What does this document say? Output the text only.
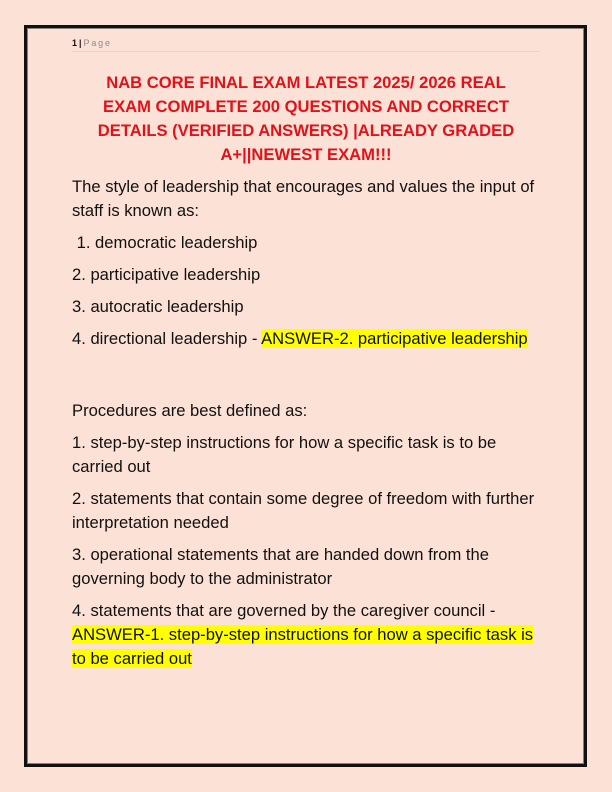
1 | Page
NAB CORE FINAL EXAM LATEST 2025/ 2026 REAL
EXAM COMPLETE 200 QUESTIONS AND CORRECT
DETAILS (VERIFIED ANSWERS) |ALREADY GRADED
A+||NEWEST EXAM!!!

The style of leadership that encourages and values the input of staff is known as:

1. democratic leadership

2. participative leadership

3. autocratic leadership

4. directional leadership - ANSWER-2. participative leadership

Procedures are best defined as:

1. step-by-step instructions for how a specific task is to be carried out

2. statements that contain some degree of freedom with further interpretation needed

3. operational statements that are handed down from the governing body to the administrator

4. statements that are governed by the caregiver council - ANSWER-1. step-by-step instructions for how a specific task is to be carried out
